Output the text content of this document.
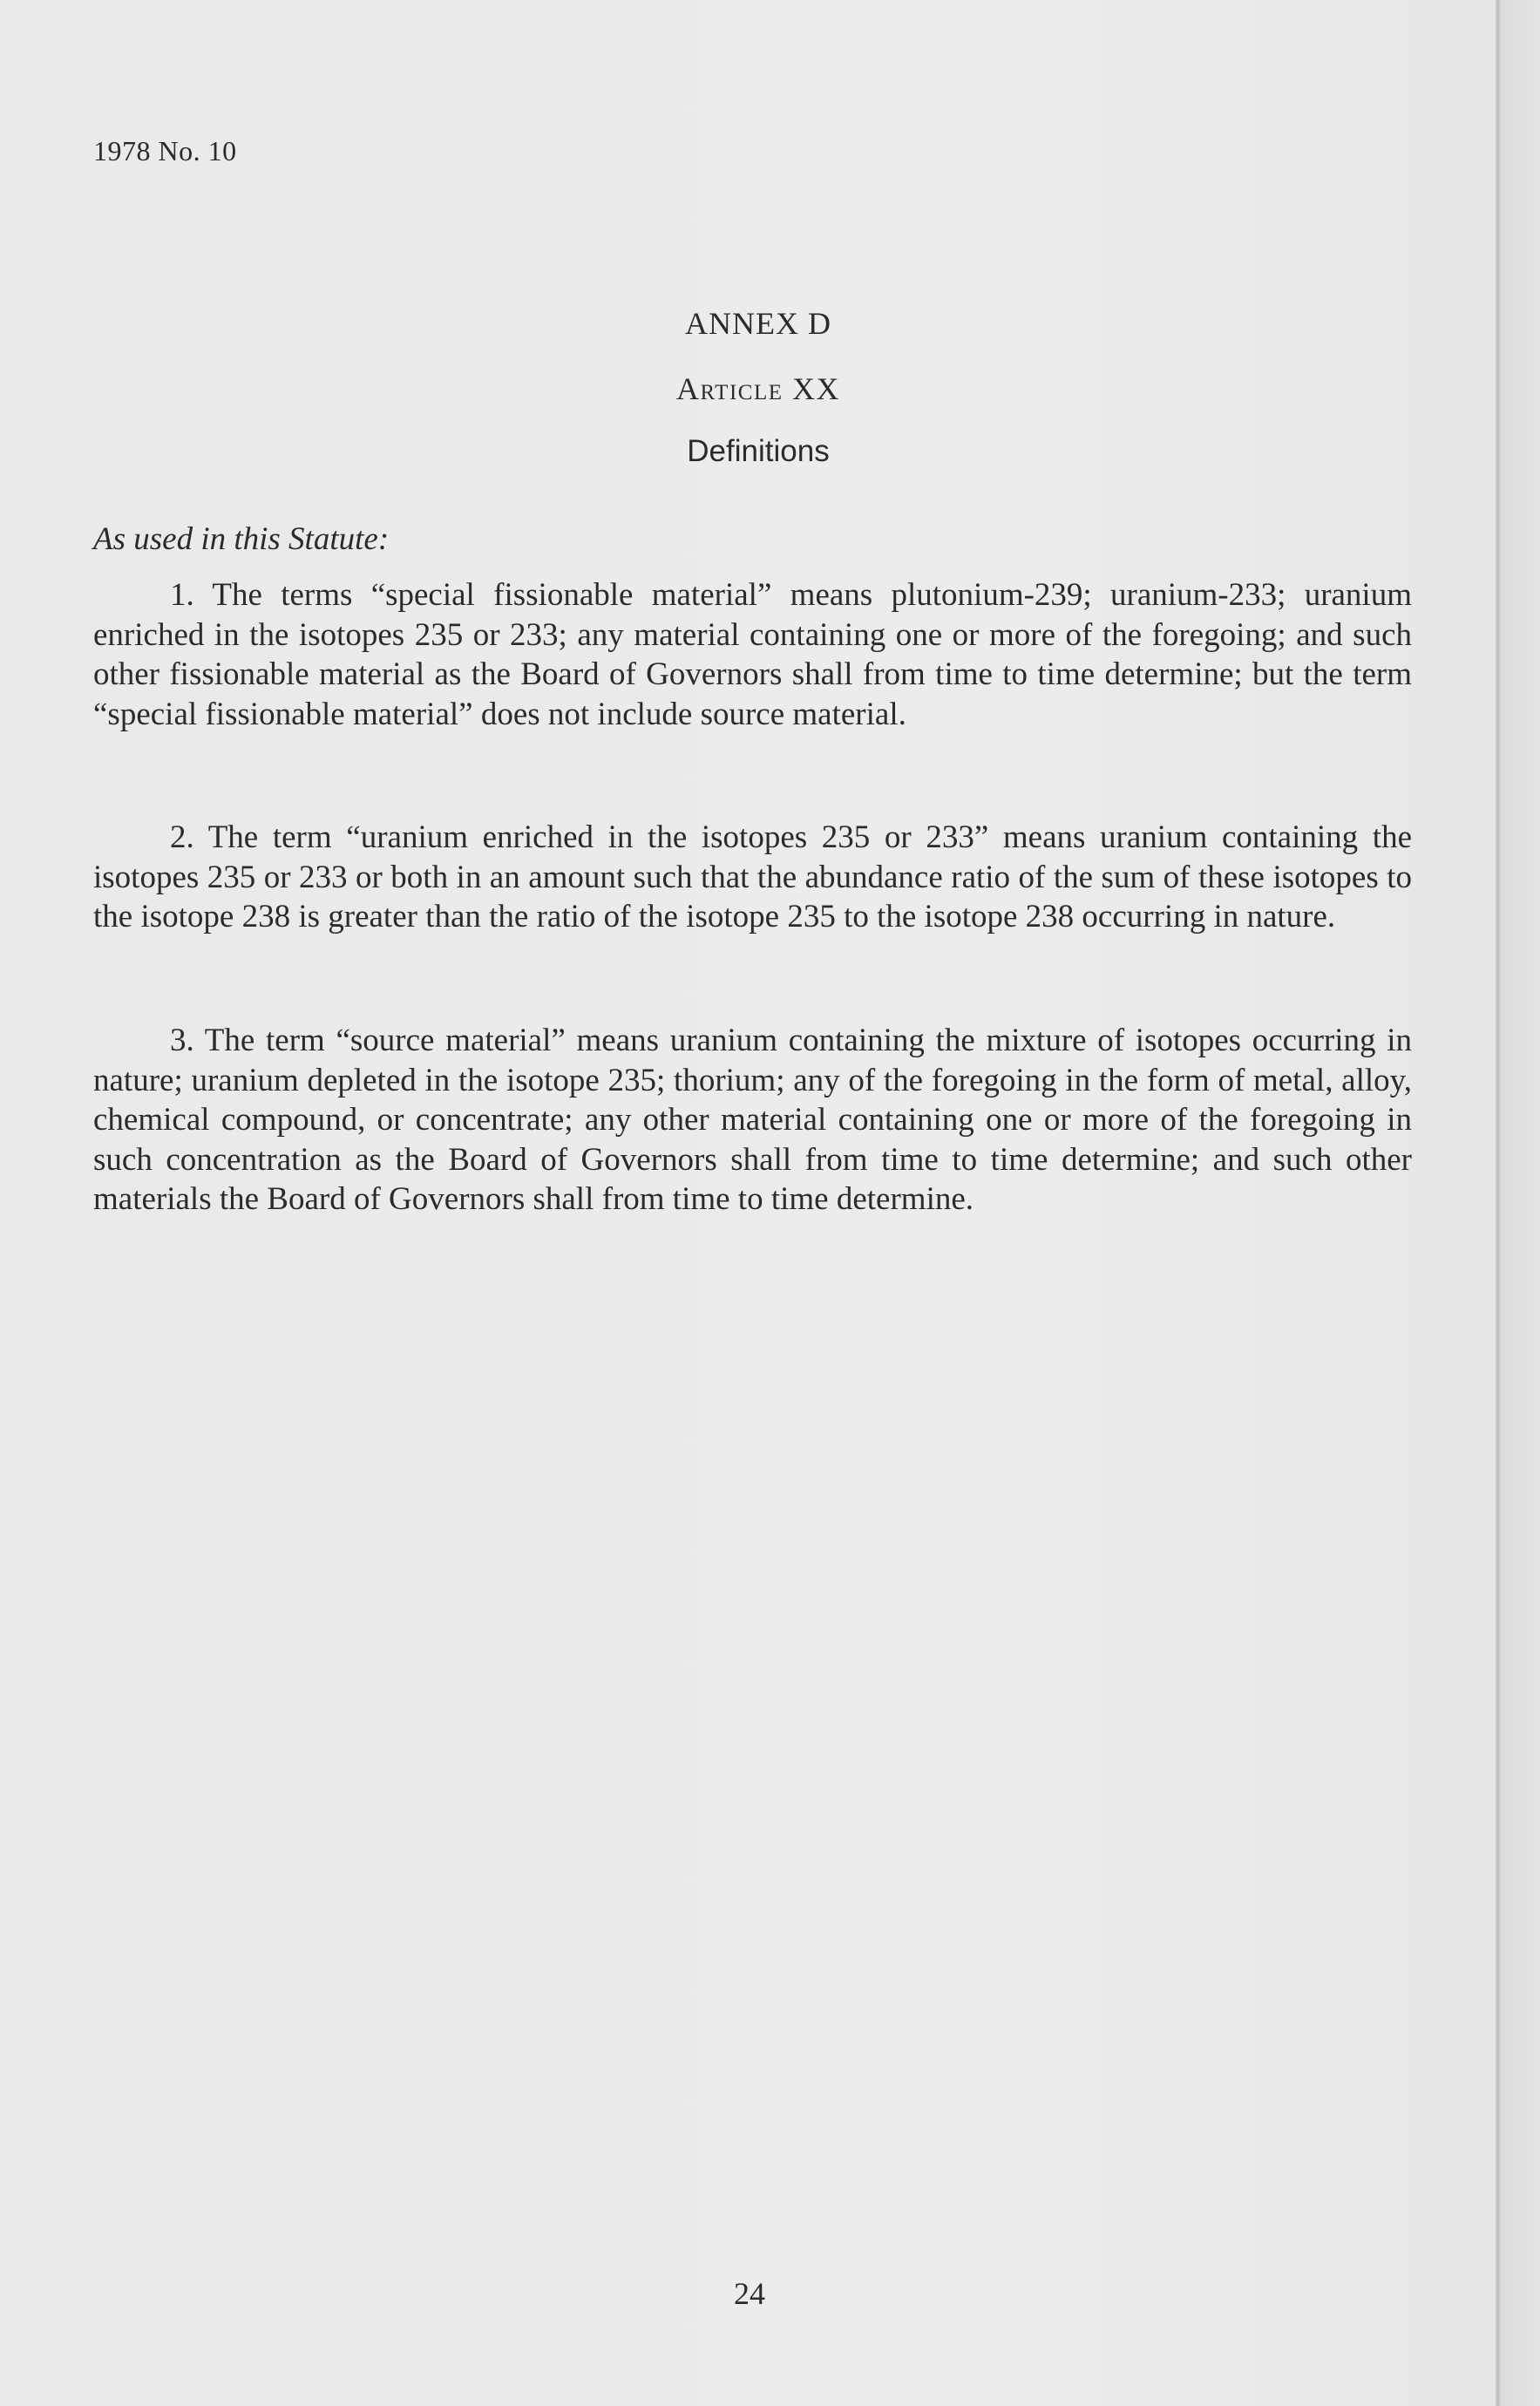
1978 No. 10
ANNEX D
Article XX
Definitions
As used in this Statute:
1. The terms “special fissionable material” means plutonium-239; uranium-233; uranium enriched in the isotopes 235 or 233; any material containing one or more of the foregoing; and such other fissionable material as the Board of Governors shall from time to time determine; but the term “special fissionable material” does not include source material.
2. The term “uranium enriched in the isotopes 235 or 233” means uranium containing the isotopes 235 or 233 or both in an amount such that the abundance ratio of the sum of these isotopes to the isotope 238 is greater than the ratio of the isotope 235 to the isotope 238 occurring in nature.
3. The term “source material” means uranium containing the mixture of isotopes occurring in nature; uranium depleted in the isotope 235; thorium; any of the foregoing in the form of metal, alloy, chemical compound, or concentrate; any other material containing one or more of the foregoing in such concentration as the Board of Governors shall from time to time determine; and such other materials the Board of Governors shall from time to time determine.
24
